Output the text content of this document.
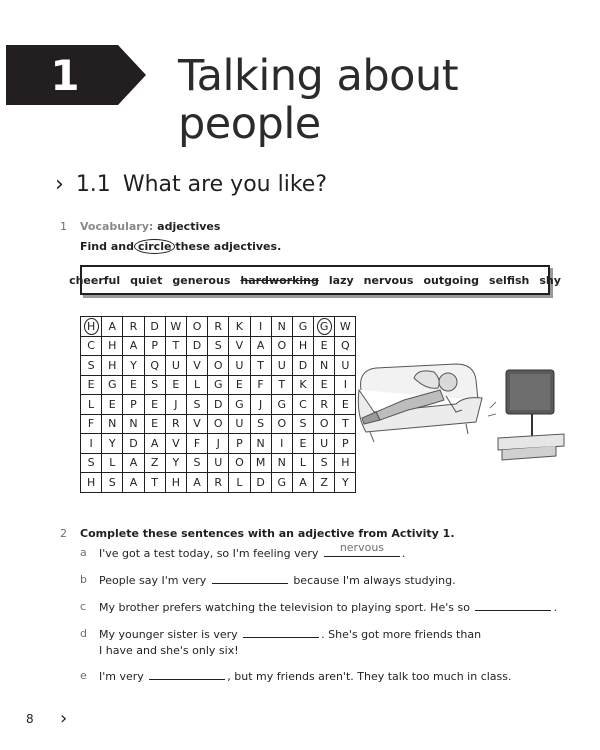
1	Talking about
people
› 1.1 What are you like?
1 Vocabulary: adjectives
Find and circle these adjectives.
cheerful quiet generous hardworking lazy nervous outgoing selfish shy
H	A	R	D	W	O	R	K	I	N	G	G	W
C	H	A	P	T	D	S	V	A	O	H	E	Q
S	H	Y	Q	U	V	O	U	T	U	D	N	U
E	G	E	S	E	L	G	E	F	T	K	E	I
L	E	P	E	J	S	D	G	J	G	C	R	E
F	N	N	E	R	V	O	U	S	O	S	O	T
I	Y	D	A	V	F	J	P	N	I	E	U	P
S	L	A	Z	Y	S	U	O	M	N	L	S	H
H	S	A	T	H	A	R	L	D	G	A	Z	Y
2 Complete these sentences with an adjective from Activity 1.
a I've got a test today, so I'm feeling very	nervous	.
b People say I'm very	because I'm always studying.
c My brother prefers watching the television to playing sport. He's so	.
d My younger sister is very	. She's got more friends than
I have and she's only six!
e I'm very	, but my friends aren't. They talk too much in class.
8 ›
